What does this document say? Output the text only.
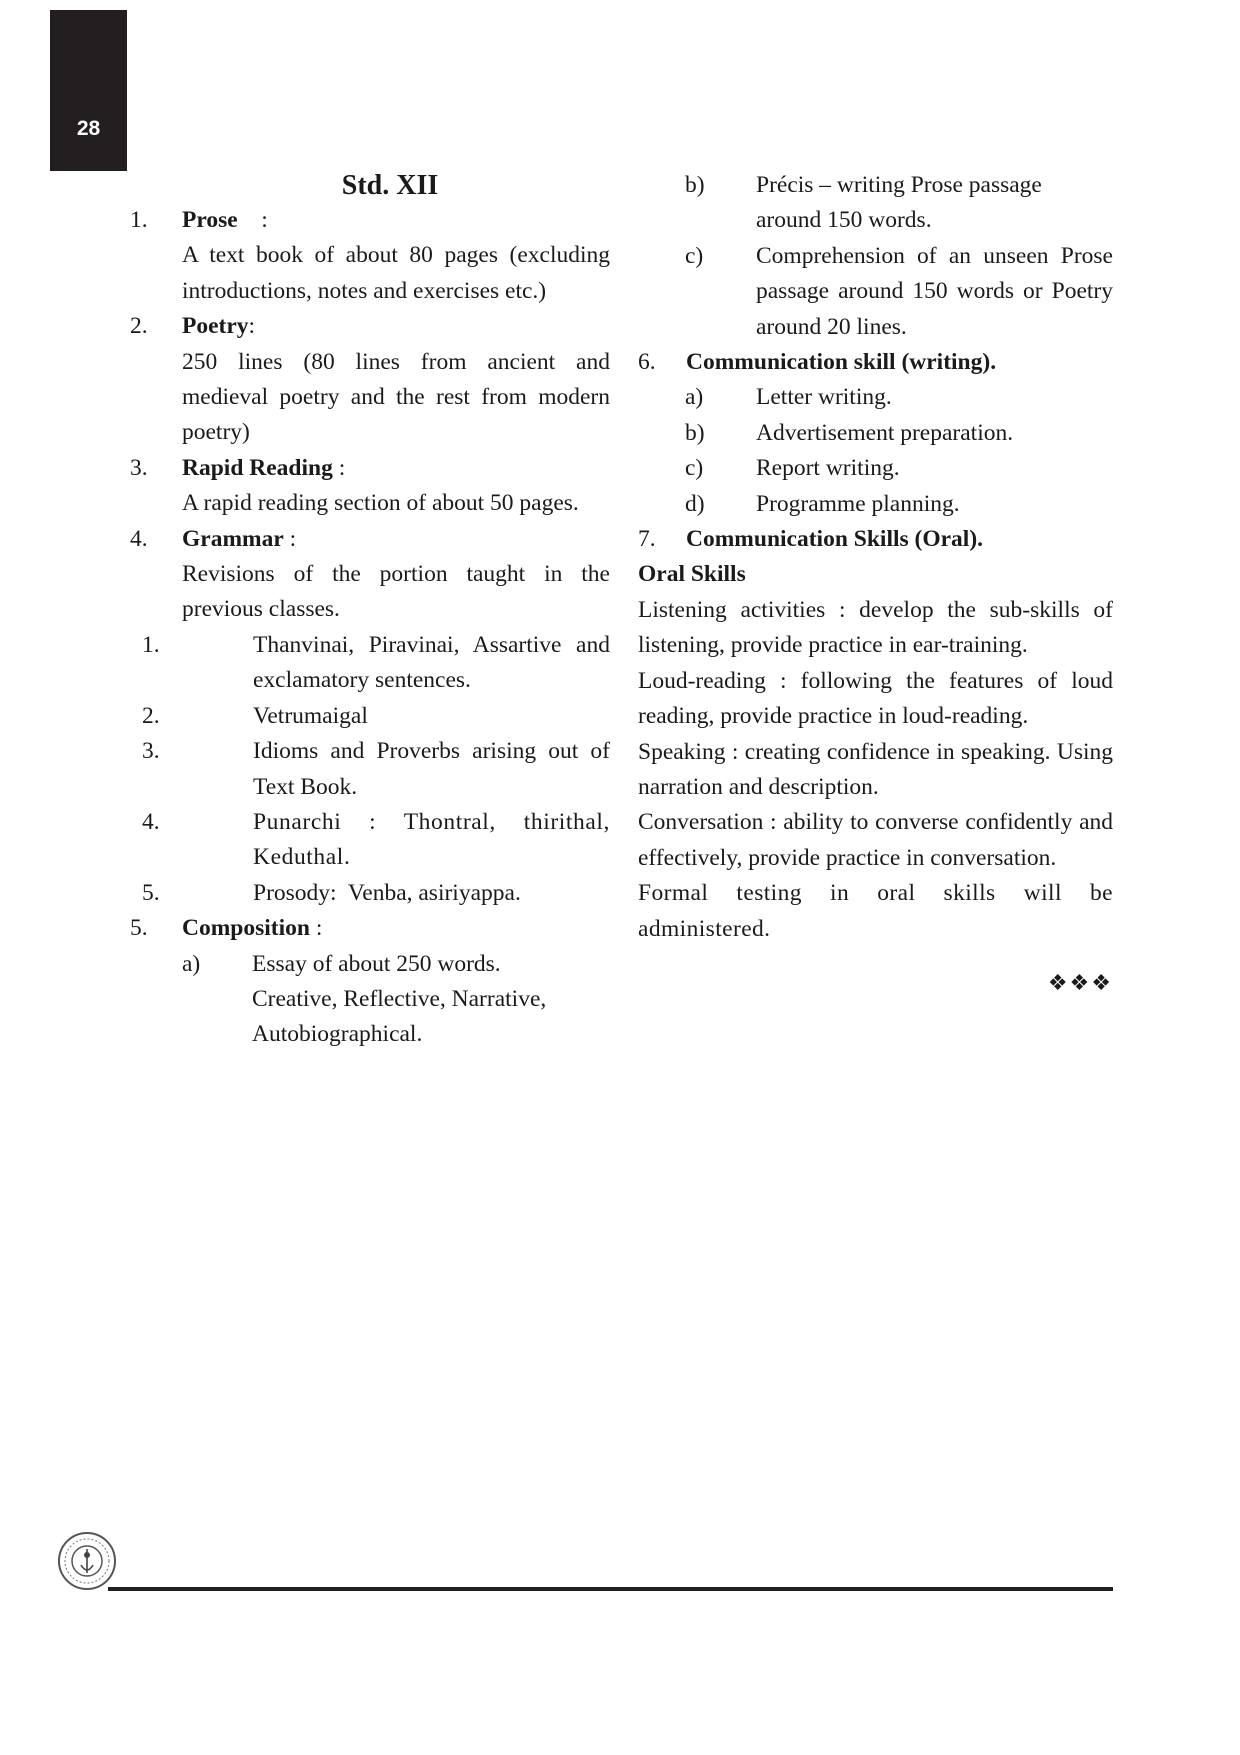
28
Std. XII
1.	Prose    :
A text book of about 80 pages (excluding introductions, notes and exercises etc.)
2.	Poetry:
250 lines (80 lines from ancient and medieval poetry and the rest from modern poetry)
3.	Rapid Reading :
A rapid reading section of about 50 pages.
4.	Grammar :
Revisions of the portion taught in the previous classes.
1.	Thanvinai, Piravinai, Assartive and exclamatory sentences.
2.	Vetrumaigal
3.	Idioms and Proverbs arising out of Text Book.
4.	Punarchi : Thontral, thirithal, Keduthal.
5.	Prosody:  Venba, asiriyappa.
5.	Composition :
a)	Essay of about 250 words.
Creative, Reflective, Narrative,
Autobiographical.
b)	Précis – writing Prose passage around 150 words.
c)	Comprehension of an unseen Prose passage around 150 words or Poetry around 20 lines.
6.	Communication skill (writing).
a)	Letter writing.
b)	Advertisement preparation.
c)	Report writing.
d)	Programme planning.
7.	Communication Skills (Oral).
Oral Skills
Listening activities : develop the sub-skills of listening, provide practice in ear-training.
Loud-reading : following the features of loud reading, provide practice in loud-reading.
Speaking : creating confidence in speaking. Using narration and description.
Conversation : ability to converse confidently and effectively, provide practice in conversation.
Formal testing in oral skills will be administered.
❖❖❖
